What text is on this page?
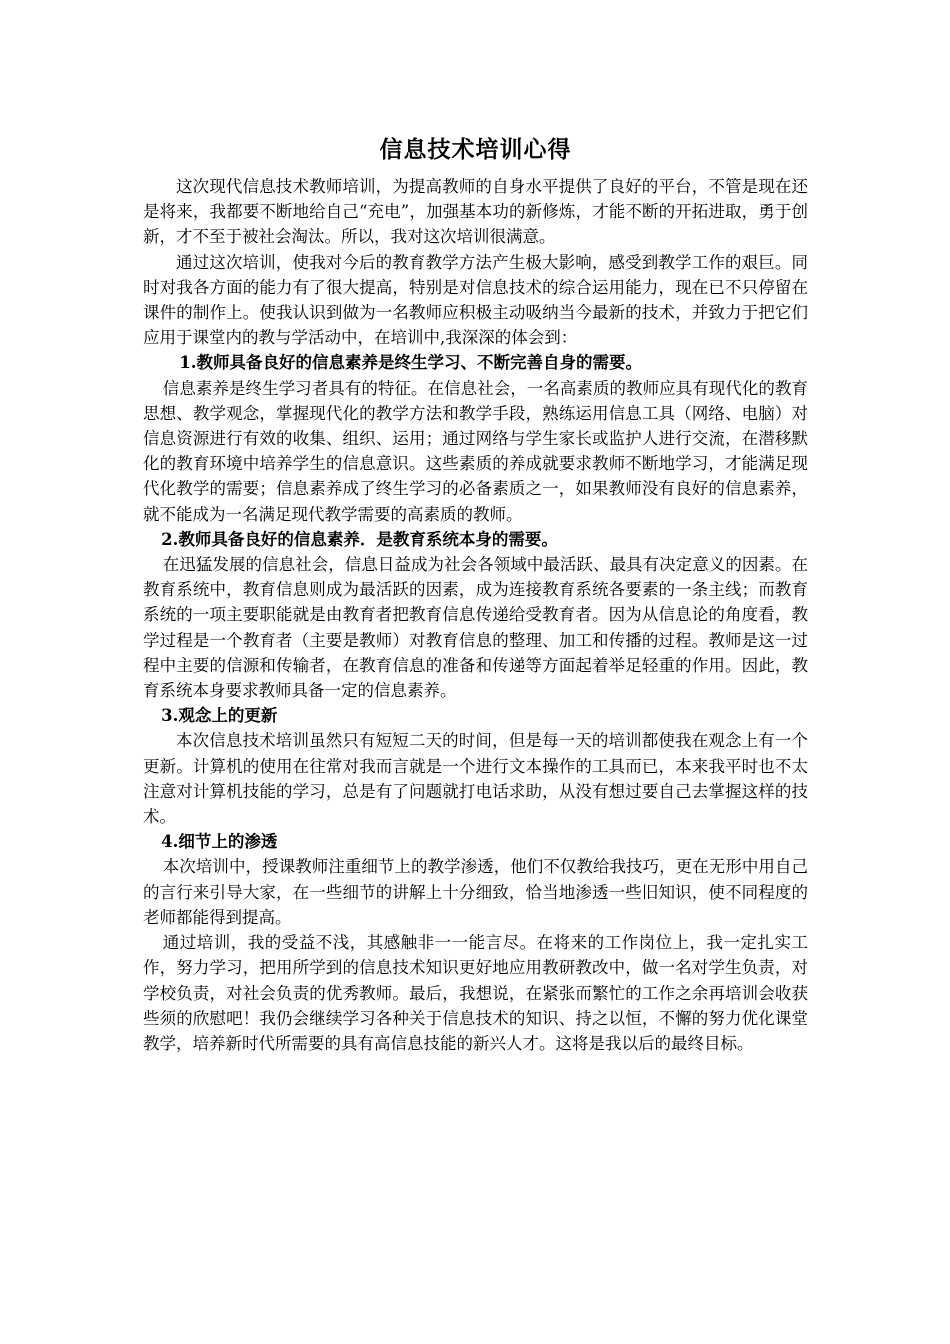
信息技术培训心得

这次现代信息技术教师培训，为提高教师的自身水平提供了良好的平台，不管是现在还是将来，我都要不断地给自己“充电”，加强基本功的新修炼，才能不断的开拓进取，勇于创新，才不至于被社会淘汰。所以，我对这次培训很满意。

通过这次培训，使我对今后的教育教学方法产生极大影响，感受到教学工作的艰巨。同时对我各方面的能力有了很大提高，特别是对信息技术的综合运用能力，现在已不只停留在课件的制作上。使我认识到做为一名教师应积极主动吸纳当今最新的技术，并致力于把它们应用于课堂内的教与学活动中，在培训中,我深深的体会到：

1.教师具备良好的信息素养是终生学习、不断完善自身的需要。

信息素养是终生学习者具有的特征。在信息社会，一名高素质的教师应具有现代化的教育思想、教学观念，掌握现代化的教学方法和教学手段，熟练运用信息工具（网络、电脑）对信息资源进行有效的收集、组织、运用；通过网络与学生家长或监护人进行交流，在潜移默化的教育环境中培养学生的信息意识。这些素质的养成就要求教师不断地学习，才能满足现代化教学的需要；信息素养成了终生学习的必备素质之一，如果教师没有良好的信息素养，就不能成为一名满足现代教学需要的高素质的教师。

2.教师具备良好的信息素养．是教育系统本身的需要。

在迅猛发展的信息社会，信息日益成为社会各领域中最活跃、最具有决定意义的因素。在教育系统中，教育信息则成为最活跃的因素，成为连接教育系统各要素的一条主线；而教育系统的一项主要职能就是由教育者把教育信息传递给受教育者。因为从信息论的角度看，教学过程是一个教育者（主要是教师）对教育信息的整理、加工和传播的过程。教师是这一过程中主要的信源和传输者，在教育信息的准备和传递等方面起着举足轻重的作用。因此，教育系统本身要求教师具备一定的信息素养。

3.观念上的更新

本次信息技术培训虽然只有短短二天的时间，但是每一天的培训都使我在观念上有一个更新。计算机的使用在往常对我而言就是一个进行文本操作的工具而已，本来我平时也不太注意对计算机技能的学习，总是有了问题就打电话求助，从没有想过要自己去掌握这样的技术。

4.细节上的渗透

本次培训中，授课教师注重细节上的教学渗透，他们不仅教给我技巧，更在无形中用自己的言行来引导大家，在一些细节的讲解上十分细致，恰当地渗透一些旧知识，使不同程度的老师都能得到提高。

通过培训，我的受益不浅，其感触非一一能言尽。在将来的工作岗位上，我一定扎实工作，努力学习，把用所学到的信息技术知识更好地应用教研教改中，做一名对学生负责，对学校负责，对社会负责的优秀教师。最后，我想说，在紧张而繁忙的工作之余再培训会收获些须的欣慰吧！我仍会继续学习各种关于信息技术的知识、持之以恒，不懈的努力优化课堂教学，培养新时代所需要的具有高信息技能的新兴人才。这将是我以后的最终目标。
